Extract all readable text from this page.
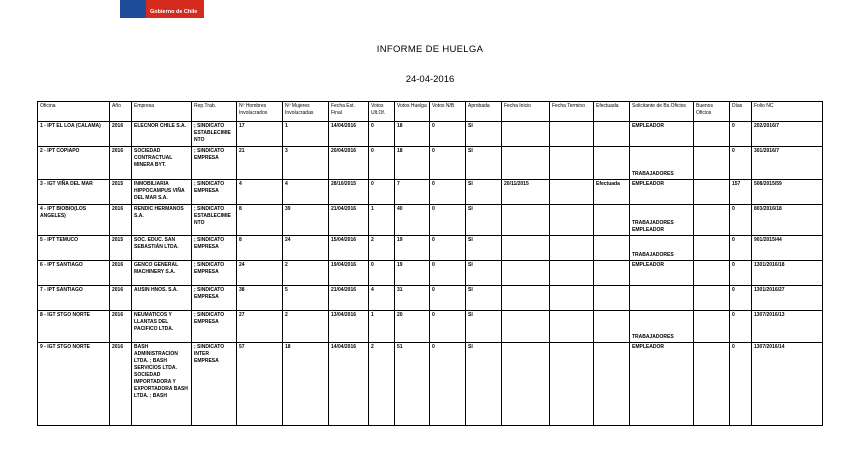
Gobierno de Chile
INFORME DE HUELGA
24-04-2016
Oficina	Año	Empresa	Rep.Trab.	Nº Hombres Involucrados	Nº Mujeres Involucradas	Fecha Est. Final	Votos Ult.Of.	Votos Huelga	Votos N/B	Aprobada	Fecha Inicio	Fecha Termino	Efectuada	Solicitante de Bs.Oficios	Buenos Oficios	Días	Folio NC
1 - IPT EL LOA (CALAMA)	2016	ELECNOR CHILE S.A.	; SINDICATO ESTABLECIMIENTO	17	1	14/04/2016	0	18	0	SI				EMPLEADOR		0	202/2016/7
2 - IPT COPIAPO	2016	SOCIEDAD CONTRACTUAL MINERA BYT.	; SINDICATO EMPRESA	21	3	20/04/2016	0	18	0	SI				TRABAJADORES		0	301/2016/7
3 - IGT VIÑA DEL MAR	2015	INMOBILIARIA HIPPOCAMPUS VIÑA DEL MAR S.A.	; SINDICATO EMPRESA	4	4	28/10/2015	0	7	0	SI	20/11/2015		Efectuada	EMPLEADOR		157	508/2015/59
4 - IPT BIOBIO(LOS ANGELES)	2016	RENDIC HERMANOS S.A.	; SINDICATO ESTABLECIMIENTO	8	39	21/04/2016	1	40	0	SI				TRABAJADORES EMPLEADOR		0	803/2016/18
5 - IPT TEMUCO	2015	SOC. EDUC. SAN SEBASTIÁN LTDA.	; SINDICATO EMPRESA	8	24	15/04/2016	2	19	0	SI				TRABAJADORES		0	901/2015/44
6 - IPT SANTIAGO	2016	GENCO GENERAL MACHINERY S.A.	; SINDICATO EMPRESA	24	2	19/04/2016	0	19	0	SI				EMPLEADOR		0	1301/2016/18
7 - IPT SANTIAGO	2016	AUSIN HNOS. S.A.	; SINDICATO EMPRESA	38	5	21/04/2016	4	31	0	SI						0	1301/2016/27
8 - IGT STGO NORTE	2016	NEUMATICOS Y LLANTAS DEL PACIFICO LTDA.	; SINDICATO EMPRESA	27	2	13/04/2016	1	20	0	SI				TRABAJADORES		0	1307/2016/13
9 - IGT STGO NORTE	2016	BASH ADMINISTRACION LTDA. ; BASH SERVICIOS LTDA. SOCIEDAD IMPORTADORA Y EXPORTADORA BASH LTDA. ; BASH	; SINDICATO INTER EMPRESA	57	18	14/04/2016	2	51	0	SI				EMPLEADOR		0	1307/2016/14
